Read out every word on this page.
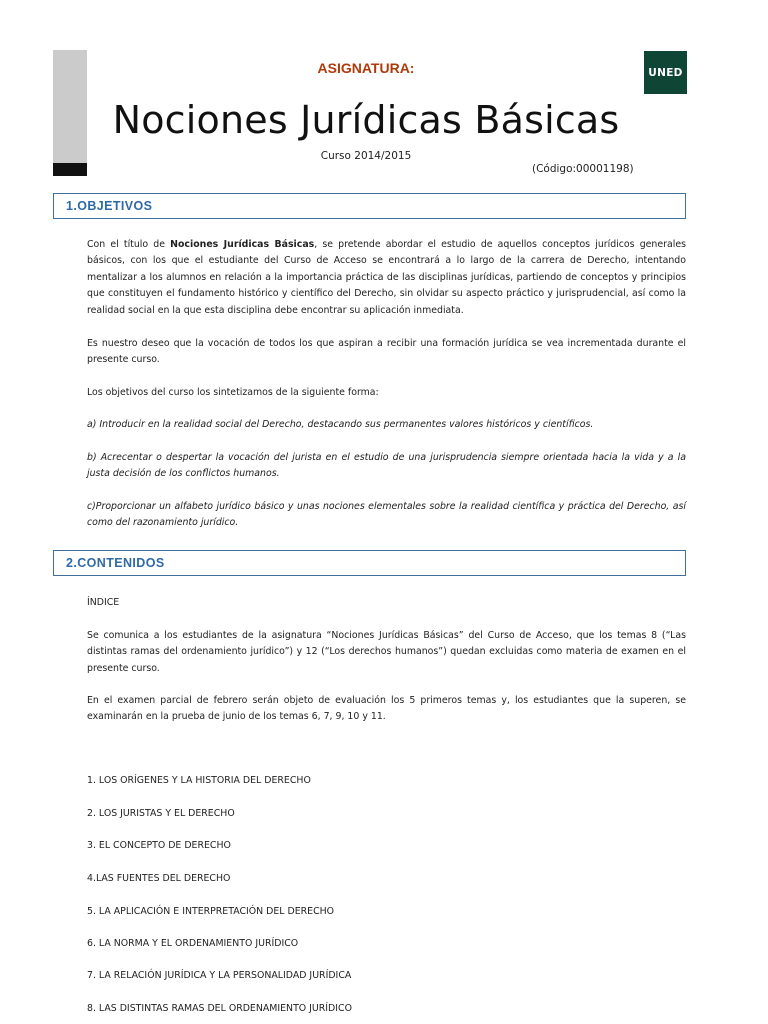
ASIGNATURA:	UNED
Nociones Jurídicas Básicas
Curso 2014/2015
(Código:00001198)
1.OBJETIVOS

Con el título de Nociones Jurídicas Básicas, se pretende abordar el estudio de aquellos conceptos jurídicos generales básicos, con los que el estudiante del Curso de Acceso se encontrará a lo largo de la carrera de Derecho, intentando mentalizar a los alumnos en relación a la importancia práctica de las disciplinas jurídicas, partiendo de conceptos y principios que constituyen el fundamento histórico y científico del Derecho, sin olvidar su aspecto práctico y jurisprudencial, así como la realidad social en la que esta disciplina debe encontrar su aplicación inmediata.

Es nuestro deseo que la vocación de todos los que aspiran a recibir una formación jurídica se vea incrementada durante el presente curso.

Los objetivos del curso los sintetizamos de la siguiente forma:

a) Introducir en la realidad social del Derecho, destacando sus permanentes valores históricos y científicos.

b) Acrecentar o despertar la vocación del jurista en el estudio de una jurisprudencia siempre orientada hacia la vida y a la justa decisión de los conflictos humanos.

c)Proporcionar un alfabeto jurídico básico y unas nociones elementales sobre la realidad científica y práctica del Derecho, así como del razonamiento jurídico.

2.CONTENIDOS

ÍNDICE

Se comunica a los estudiantes de la asignatura “Nociones Jurídicas Básicas” del Curso de Acceso, que los temas 8 (“Las distintas ramas del ordenamiento jurídico”) y 12 (“Los derechos humanos”) quedan excluidas como materia de examen en el presente curso.

En el examen parcial de febrero serán objeto de evaluación los 5 primeros temas y, los estudiantes que la superen, se examinarán en la prueba de junio de los temas 6, 7, 9, 10 y 11.

1. LOS ORÍGENES Y LA HISTORIA DEL DERECHO
2. LOS JURISTAS Y EL DERECHO
3. EL CONCEPTO DE DERECHO
4.LAS FUENTES DEL DERECHO
5. LA APLICACIÓN E INTERPRETACIÓN DEL DERECHO
6. LA NORMA Y EL ORDENAMIENTO JURÍDICO
7. LA RELACIÓN JURÍDICA Y LA PERSONALIDAD JURÍDICA
8. LAS DISTINTAS RAMAS DEL ORDENAMIENTO JURÍDICO
